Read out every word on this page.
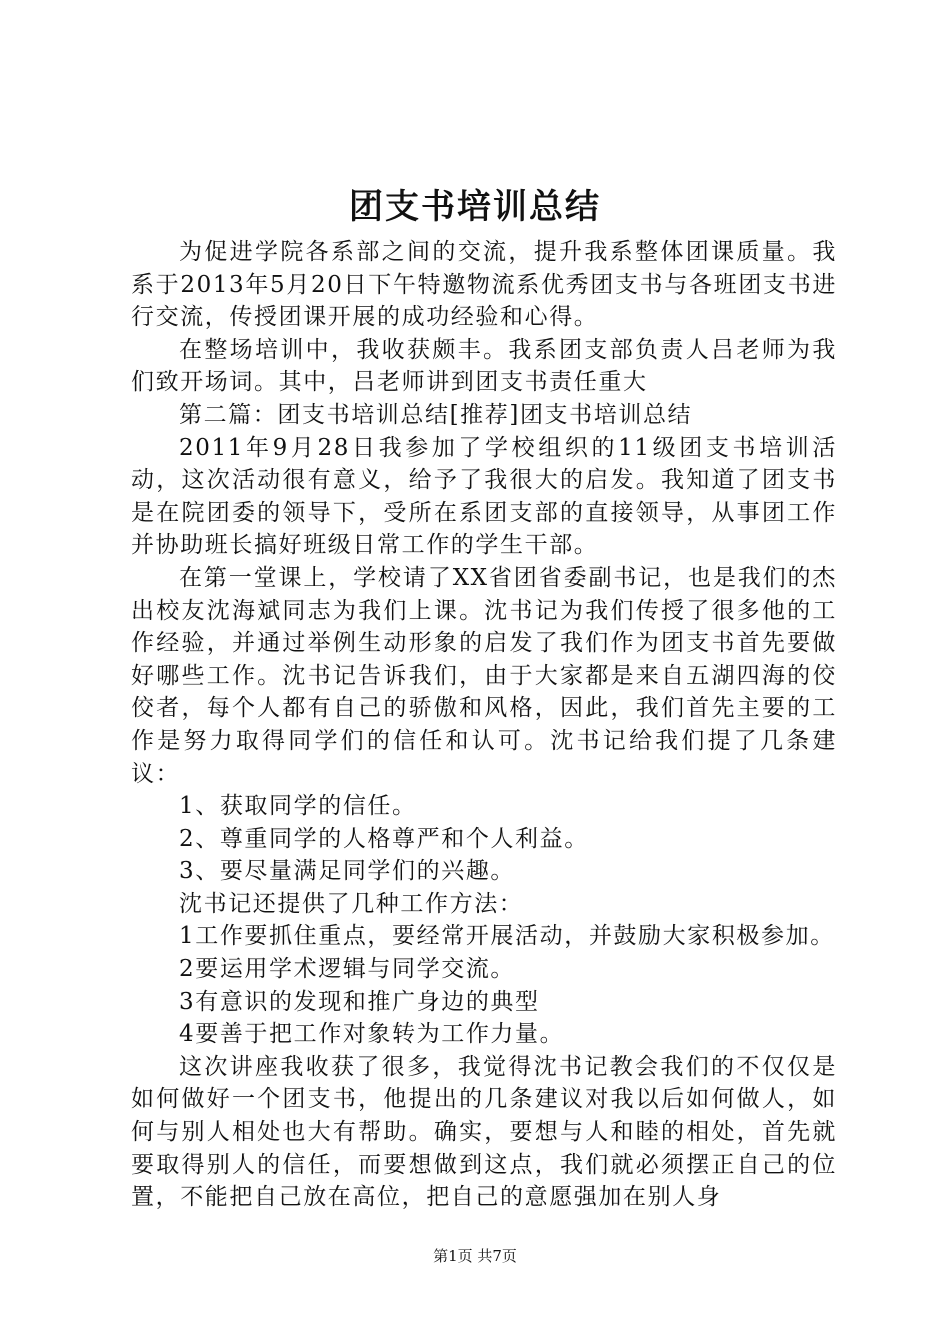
团支书培训总结

为促进学院各系部之间的交流，提升我系整体团课质量。我系于2013年5月20日下午特邀物流系优秀团支书与各班团支书进行交流，传授团课开展的成功经验和心得。

在整场培训中，我收获颇丰。我系团支部负责人吕老师为我们致开场词。其中，吕老师讲到团支书责任重大

第二篇：团支书培训总结[推荐]团支书培训总结

2011年9月28日我参加了学校组织的11级团支书培训活动，这次活动很有意义，给予了我很大的启发。我知道了团支书是在院团委的领导下，受所在系团支部的直接领导，从事团工作并协助班长搞好班级日常工作的学生干部。

在第一堂课上，学校请了XX省团省委副书记，也是我们的杰出校友沈海斌同志为我们上课。沈书记为我们传授了很多他的工作经验，并通过举例生动形象的启发了我们作为团支书首先要做好哪些工作。沈书记告诉我们，由于大家都是来自五湖四海的佼佼者，每个人都有自己的骄傲和风格，因此，我们首先主要的工作是努力取得同学们的信任和认可。沈书记给我们提了几条建议：

1、获取同学的信任。

2、尊重同学的人格尊严和个人利益。

3、要尽量满足同学们的兴趣。

沈书记还提供了几种工作方法：

1工作要抓住重点，要经常开展活动，并鼓励大家积极参加。

2要运用学术逻辑与同学交流。

3有意识的发现和推广身边的典型

4要善于把工作对象转为工作力量。

这次讲座我收获了很多，我觉得沈书记教会我们的不仅仅是如何做好一个团支书，他提出的几条建议对我以后如何做人，如何与别人相处也大有帮助。确实，要想与人和睦的相处，首先就要取得别人的信任，而要想做到这点，我们就必须摆正自己的位置，不能把自己放在高位，把自己的意愿强加在别人身

第1页 共7页
